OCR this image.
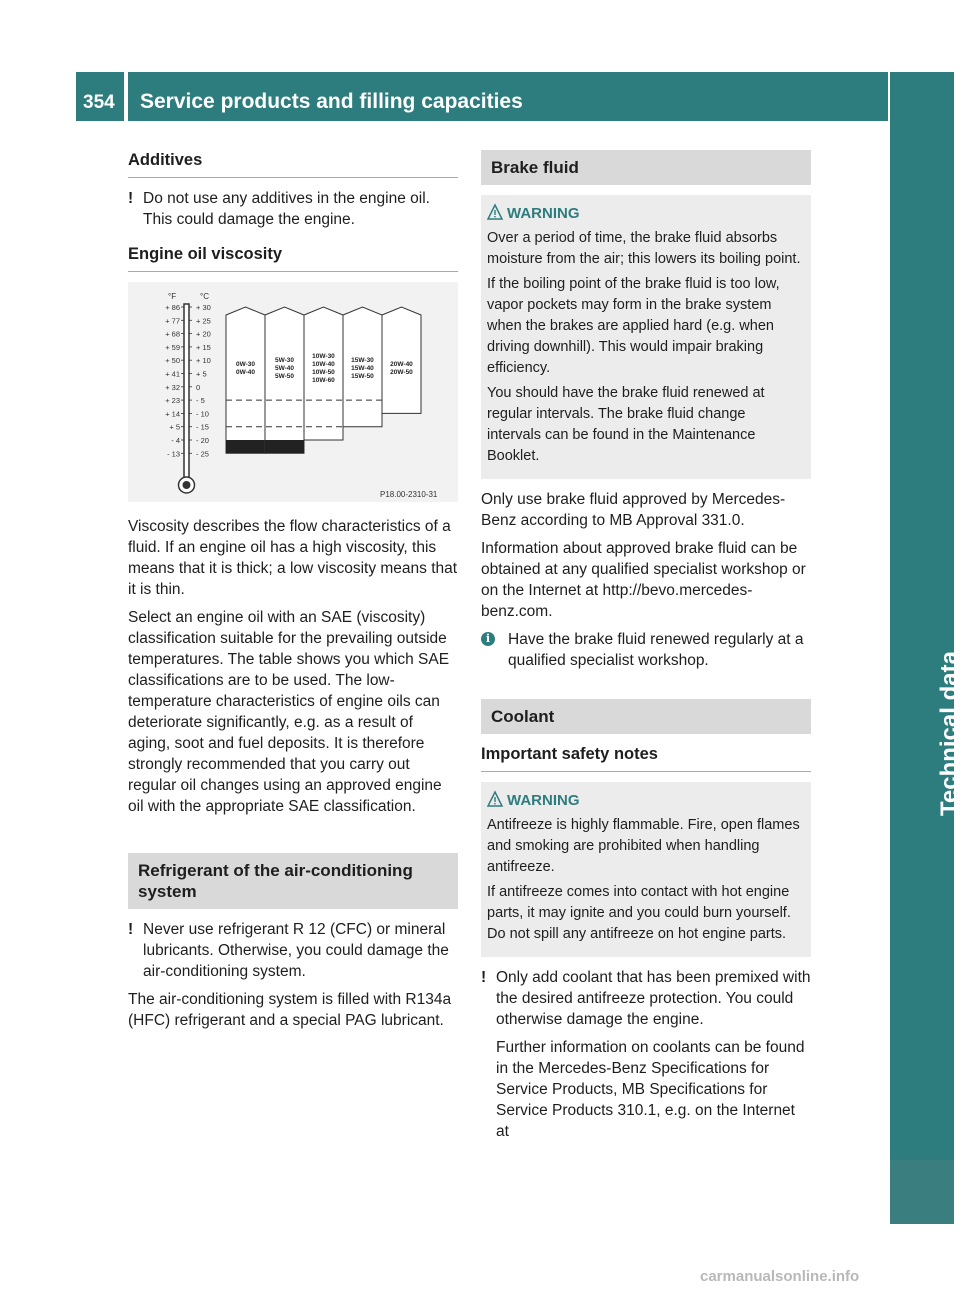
354	Service products and filling capacities
Technical data
Additives
! Do not use any additives in the engine oil. This could damage the engine.
Engine oil viscosity
°F	°C
+ 86 + 30
+ 77 + 25
+ 68 + 20
+ 59 + 15
+ 50 + 10
+ 41 + 5
+ 32 0
+ 23 - 5
+ 14 - 10
+ 5 - 15
- 4 - 20
- 13 - 25
0W-30
0W-40
5W-30
5W-40
5W-50
10W-30
10W-40
10W-50
10W-60
15W-30
15W-40
15W-50
20W-40
20W-50
P18.00-2310-31

Viscosity describes the flow characteristics of a fluid. If an engine oil has a high viscosity, this means that it is thick; a low viscosity means that it is thin.

Select an engine oil with an SAE (viscosity) classification suitable for the prevailing outside temperatures. The table shows you which SAE classifications are to be used. The low-temperature characteristics of engine oils can deteriorate significantly, e.g. as a result of aging, soot and fuel deposits. It is therefore strongly recommended that you carry out regular oil changes using an approved engine oil with the appropriate SAE classification.

Refrigerant of the air-conditioning system
! Never use refrigerant R 12 (CFC) or mineral lubricants. Otherwise, you could damage the air-conditioning system.

The air-conditioning system is filled with R134a (HFC) refrigerant and a special PAG lubricant.

Brake fluid
WARNING

Over a period of time, the brake fluid absorbs moisture from the air; this lowers its boiling point.

If the boiling point of the brake fluid is too low, vapor pockets may form in the brake system when the brakes are applied hard (e.g. when driving downhill). This would impair braking efficiency.

You should have the brake fluid renewed at regular intervals. The brake fluid change intervals can be found in the Maintenance Booklet.

Only use brake fluid approved by Mercedes-Benz according to MB Approval 331.0.

Information about approved brake fluid can be obtained at any qualified specialist workshop or on the Internet at http://bevo.mercedes-benz.com.

i	Have the brake fluid renewed regularly at a qualified specialist workshop.
Coolant
Important safety notes
WARNING

Antifreeze is highly flammable. Fire, open flames and smoking are prohibited when handling antifreeze.

If antifreeze comes into contact with hot engine parts, it may ignite and you could burn yourself. Do not spill any antifreeze on hot engine parts.

! Only add coolant that has been premixed with the desired antifreeze protection. You could otherwise damage the engine.

Further information on coolants can be found in the Mercedes-Benz Specifications for Service Products, MB Specifications for Service Products 310.1, e.g. on the Internet at

carmanualsonline.info
